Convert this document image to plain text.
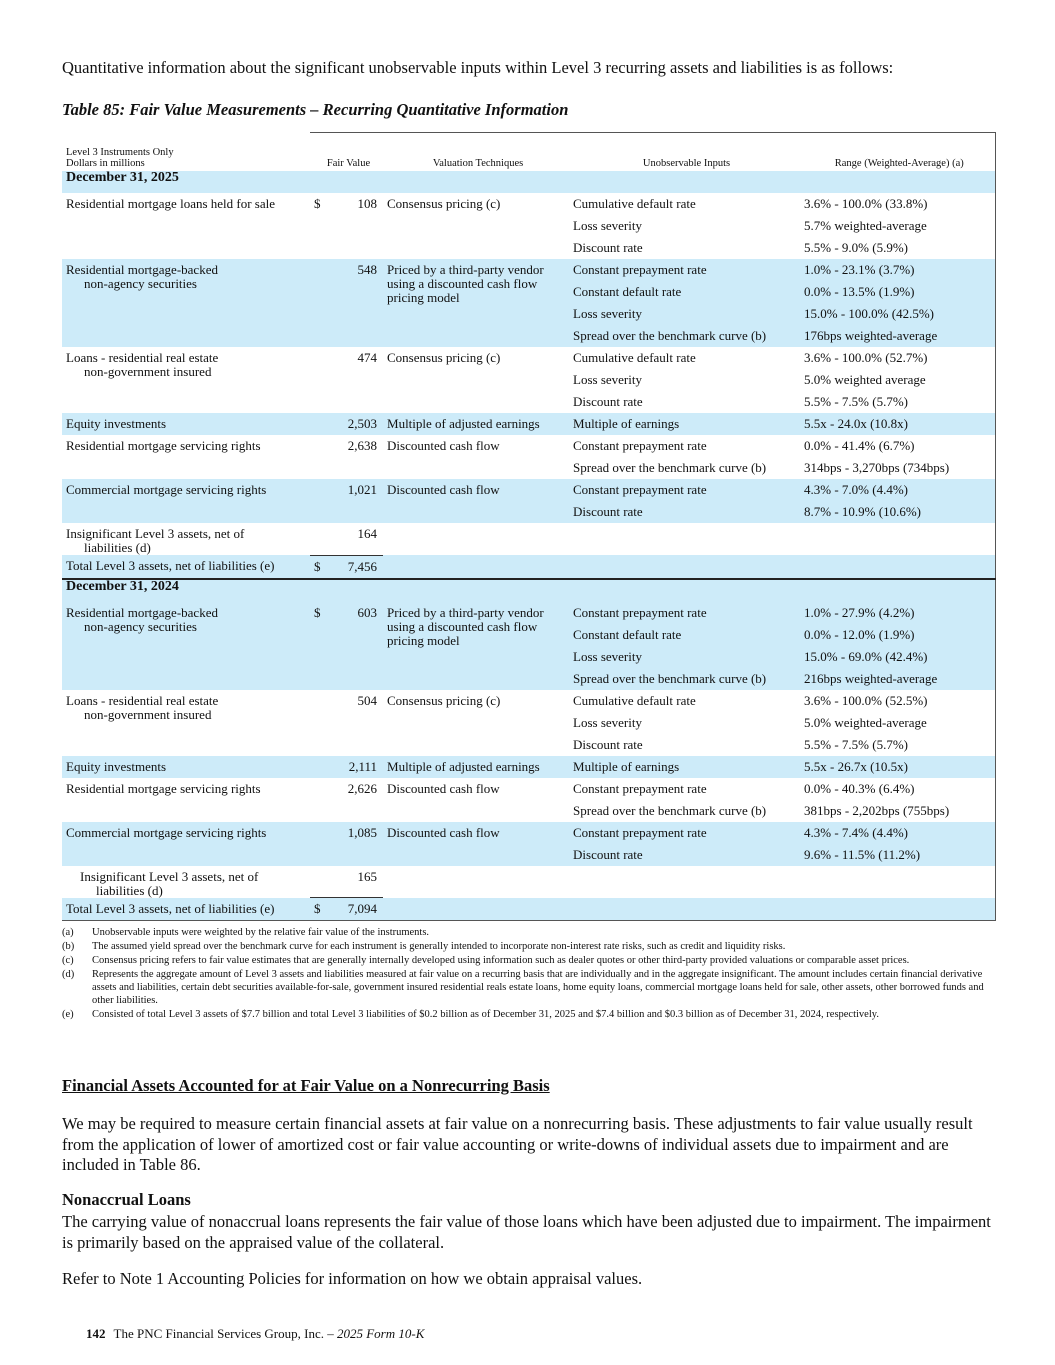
Quantitative information about the significant unobservable inputs within Level 3 recurring assets and liabilities is as follows:
Table 85: Fair Value Measurements – Recurring Quantitative Information
Level 3 Instruments Only
Dollars in millions	Fair Value		Valuation Techniques	Unobservable Inputs	Range (Weighted-Average) (a)
December 31, 2025					

Residential mortgage loans held for sale	$	108	Consensus pricing (c)	Cumulative default rate	3.6% - 100.0% (33.8%)

				Loss severity	5.7% weighted-average

				Discount rate	5.5% - 9.0% (5.9%)

Residential mortgage-backed
non-agency securities		548	Priced by a third-party vendor using a discounted cash flow pricing model	Constant prepayment rate	1.0% - 23.1% (3.7%)

				Constant default rate	0.0% - 13.5% (1.9%)

				Loss severity	15.0% - 100.0% (42.5%)

				Spread over the benchmark curve (b)	176bps weighted-average

Loans - residential real estate
non-government insured		474	Consensus pricing (c)	Cumulative default rate	3.6% - 100.0% (52.7%)

				Loss severity	5.0% weighted average

				Discount rate	5.5% - 7.5% (5.7%)

Equity investments		2,503	Multiple of adjusted earnings	Multiple of earnings	5.5x - 24.0x (10.8x)

Residential mortgage servicing rights		2,638	Discounted cash flow	Constant prepayment rate	0.0% - 41.4% (6.7%)

				Spread over the benchmark curve (b)	314bps - 3,270bps (734bps)

Commercial mortgage servicing rights		1,021	Discounted cash flow	Constant prepayment rate	4.3% - 7.0% (4.4%)

				Discount rate	8.7% - 10.9% (10.6%)

Insignificant Level 3 assets, net of
liabilities (d)		164			

Total Level 3 assets, net of liabilities (e)	$	7,456			

December 31, 2024					

Residential mortgage-backed
non-agency securities	$	603	Priced by a third-party vendor using a discounted cash flow pricing model	Constant prepayment rate	1.0% - 27.9% (4.2%)

				Constant default rate	0.0% - 12.0% (1.9%)

				Loss severity	15.0% - 69.0% (42.4%)

				Spread over the benchmark curve (b)	216bps weighted-average

Loans - residential real estate
non-government insured		504	Consensus pricing (c)	Cumulative default rate	3.6% - 100.0% (52.5%)

				Loss severity	5.0% weighted-average

				Discount rate	5.5% - 7.5% (5.7%)

Equity investments		2,111	Multiple of adjusted earnings	Multiple of earnings	5.5x - 26.7x (10.5x)

Residential mortgage servicing rights		2,626	Discounted cash flow	Constant prepayment rate	0.0% - 40.3% (6.4%)

				Spread over the benchmark curve (b)	381bps - 2,202bps (755bps)

Commercial mortgage servicing rights		1,085	Discounted cash flow	Constant prepayment rate	4.3% - 7.4% (4.4%)

				Discount rate	9.6% - 11.5% (11.2%)

Insignificant Level 3 assets, net of
liabilities (d)		165			

Total Level 3 assets, net of liabilities (e)	$	7,094			

(a)	Unobservable inputs were weighted by the relative fair value of the instruments.
(b)	The assumed yield spread over the benchmark curve for each instrument is generally intended to incorporate non-interest rate risks, such as credit and liquidity risks.
(c)	Consensus pricing refers to fair value estimates that are generally internally developed using information such as dealer quotes or other third-party provided valuations or comparable asset prices.
(d)	Represents the aggregate amount of Level 3 assets and liabilities measured at fair value on a recurring basis that are individually and in the aggregate insignificant. The amount includes certain financial derivative assets and liabilities, certain debt securities available-for-sale, government insured residential reals estate loans, home equity loans, commercial mortgage loans held for sale, other assets, other borrowed funds and other liabilities.
(e)	Consisted of total Level 3 assets of $7.7 billion and total Level 3 liabilities of $0.2 billion as of December 31, 2025 and $7.4 billion and $0.3 billion as of December 31, 2024, respectively.
Financial Assets Accounted for at Fair Value on a Nonrecurring Basis
We may be required to measure certain financial assets at fair value on a nonrecurring basis. These adjustments to fair value usually result from the application of lower of amortized cost or fair value accounting or write-downs of individual assets due to impairment and are included in Table 86.
Nonaccrual Loans
The carrying value of nonaccrual loans represents the fair value of those loans which have been adjusted due to impairment. The impairment is primarily based on the appraised value of the collateral.
Refer to Note 1 Accounting Policies for information on how we obtain appraisal values.
142 The PNC Financial Services Group, Inc. – 2025 Form 10-K
